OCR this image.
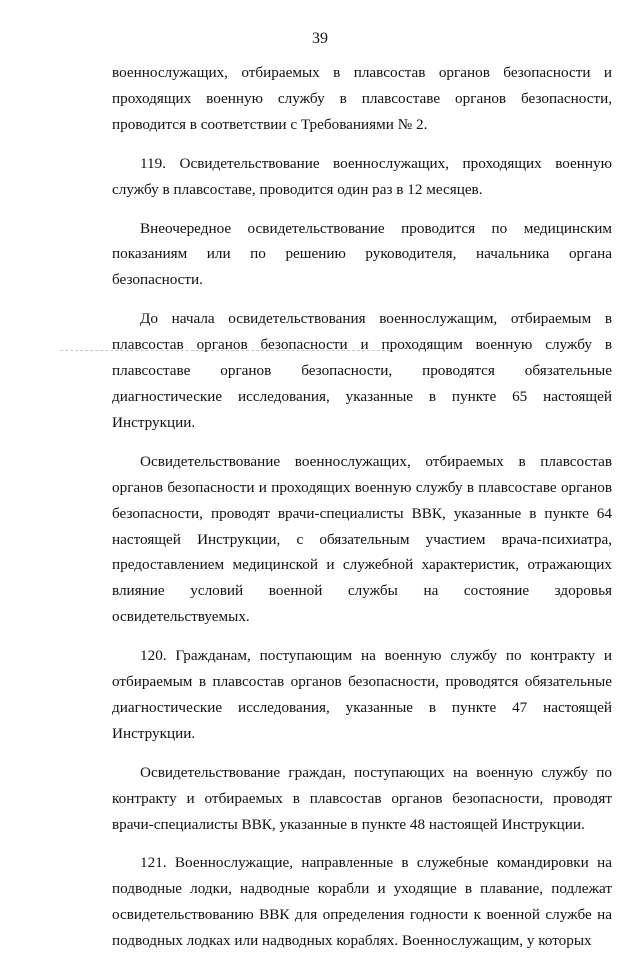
39

военнослужащих, отбираемых в плавсостав органов безопасности и проходящих военную службу в плавсоставе органов безопасности, проводится в соответствии с Требованиями № 2.

119. Освидетельствование военнослужащих, проходящих военную службу в плавсоставе, проводится один раз в 12 месяцев.

Внеочередное освидетельствование проводится по медицинским показаниям или по решению руководителя, начальника органа безопасности.

До начала освидетельствования военнослужащим, отбираемым в плавсостав органов безопасности и проходящим военную службу в плавсоставе органов безопасности, проводятся обязательные диагностические исследования, указанные в пункте 65 настоящей Инструкции.

Освидетельствование военнослужащих, отбираемых в плавсостав органов безопасности и проходящих военную службу в плавсоставе органов безопасности, проводят врачи-специалисты ВВК, указанные в пункте 64 настоящей Инструкции, с обязательным участием врача-психиатра, предоставлением медицинской и служебной характеристик, отражающих влияние условий военной службы на состояние здоровья освидетельствуемых.

120. Гражданам, поступающим на военную службу по контракту и отбираемым в плавсостав органов безопасности, проводятся обязательные диагностические исследования, указанные в пункте 47 настоящей Инструкции.

Освидетельствование граждан, поступающих на военную службу по контракту и отбираемых в плавсостав органов безопасности, проводят врачи-специалисты ВВК, указанные в пункте 48 настоящей Инструкции.

121. Военнослужащие, направленные в служебные командировки на подводные лодки, надводные корабли и уходящие в плавание, подлежат освидетельствованию ВВК для определения годности к военной службе на подводных лодках или надводных кораблях. Военнослужащим, у которых
